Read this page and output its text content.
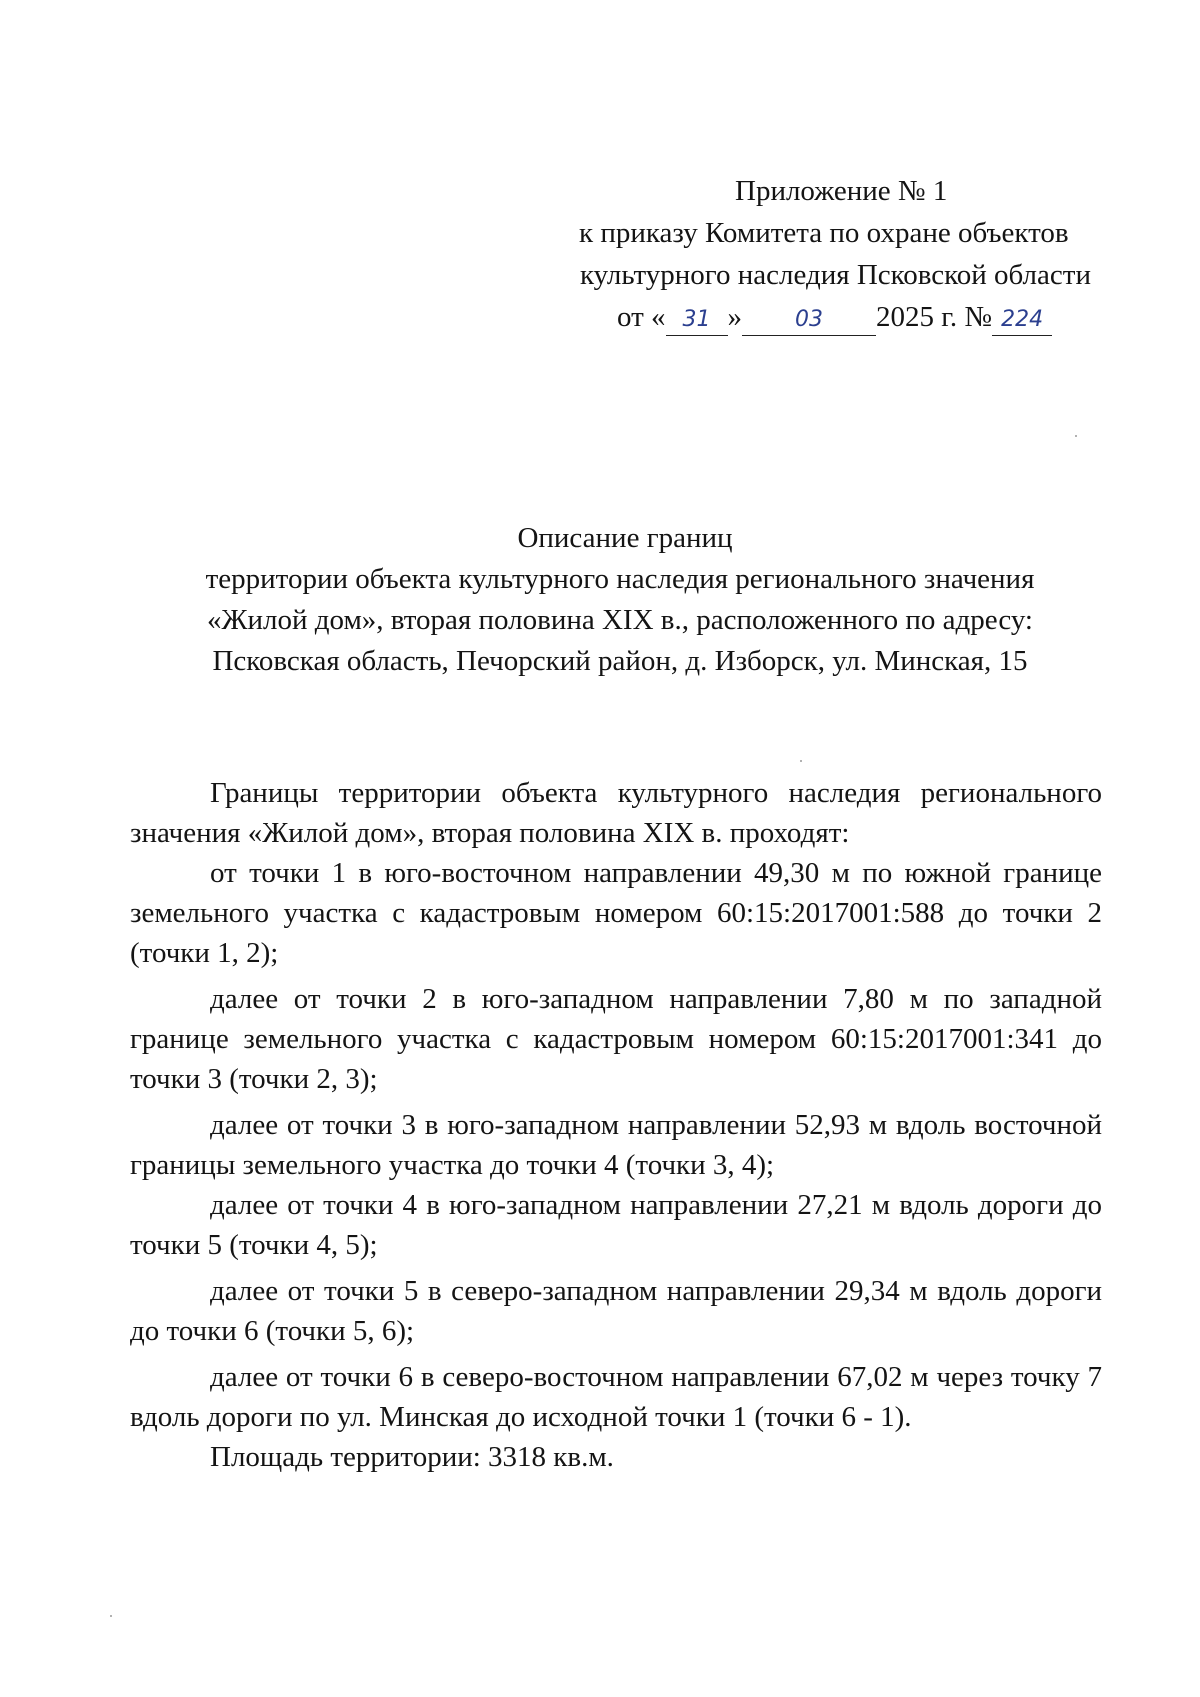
Приложение № 1
к приказу Комитета по охране объектов
культурного наследия Псковской области
от « 31 » 03 2025 г. № 224
Описание границ
территории объекта культурного наследия регионального значения
«Жилой дом», вторая половина XIX в., расположенного по адресу:
Псковская область, Печорский район, д. Изборск, ул. Минская, 15

Границы территории объекта культурного наследия регионального значения «Жилой дом», вторая половина XIX в. проходят:

от точки 1 в юго-восточном направлении 49,30 м по южной границе земельного участка с кадастровым номером 60:15:2017001:588 до точки 2 (точки 1, 2);

далее от точки 2 в юго-западном направлении 7,80 м по западной границе земельного участка с кадастровым номером 60:15:2017001:341 до точки 3 (точки 2, 3);

далее от точки 3 в юго-западном направлении 52,93 м вдоль восточной границы земельного участка до точки 4 (точки 3, 4);

далее от точки 4 в юго-западном направлении 27,21 м вдоль дороги до точки 5 (точки 4, 5);

далее от точки 5 в северо-западном направлении 29,34 м вдоль дороги до точки 6 (точки 5, 6);

далее от точки 6 в северо-восточном направлении 67,02 м через точку 7 вдоль дороги по ул. Минская до исходной точки 1 (точки 6 - 1).

Площадь территории: 3318 кв.м.
